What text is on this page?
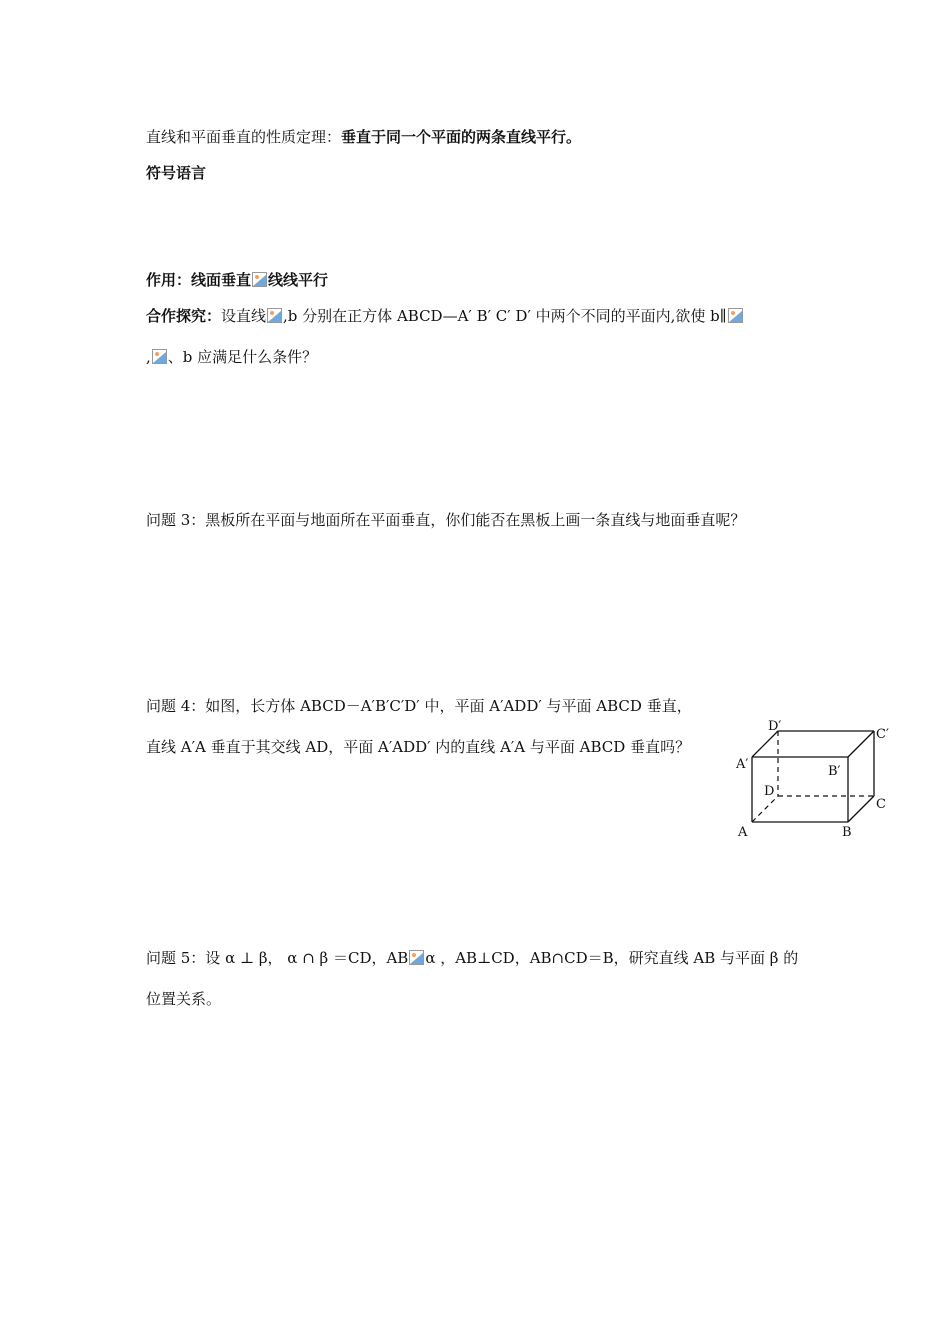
直线和平面垂直的性质定理：垂直于同一个平面的两条直线平行。
符号语言
作用：线面垂直 线线平行
合作探究：设直线 ,b 分别在正方体 ABCD—A′ B′ C′ D′ 中两个不同的平面内,欲使 b∥
, 、b 应满足什么条件？
问题 3：黑板所在平面与地面所在平面垂直，你们能否在黑板上画一条直线与地面垂直呢？
问题 4：如图，长方体 ABCD－A′B′C′D′ 中，平面 A′ADD′ 与平面 ABCD 垂直，
直线 A′A 垂直于其交线 AD，平面 A′ADD′ 内的直线 A′A 与平面 ABCD 垂直吗？
A	B
C
D
A′	B′
C′
D′
问题 5：设 α ⊥ β， α ∩ β ＝CD，AB α ，AB⊥CD，AB∩CD＝B，研究直线 AB 与平面 β 的
位置关系。
